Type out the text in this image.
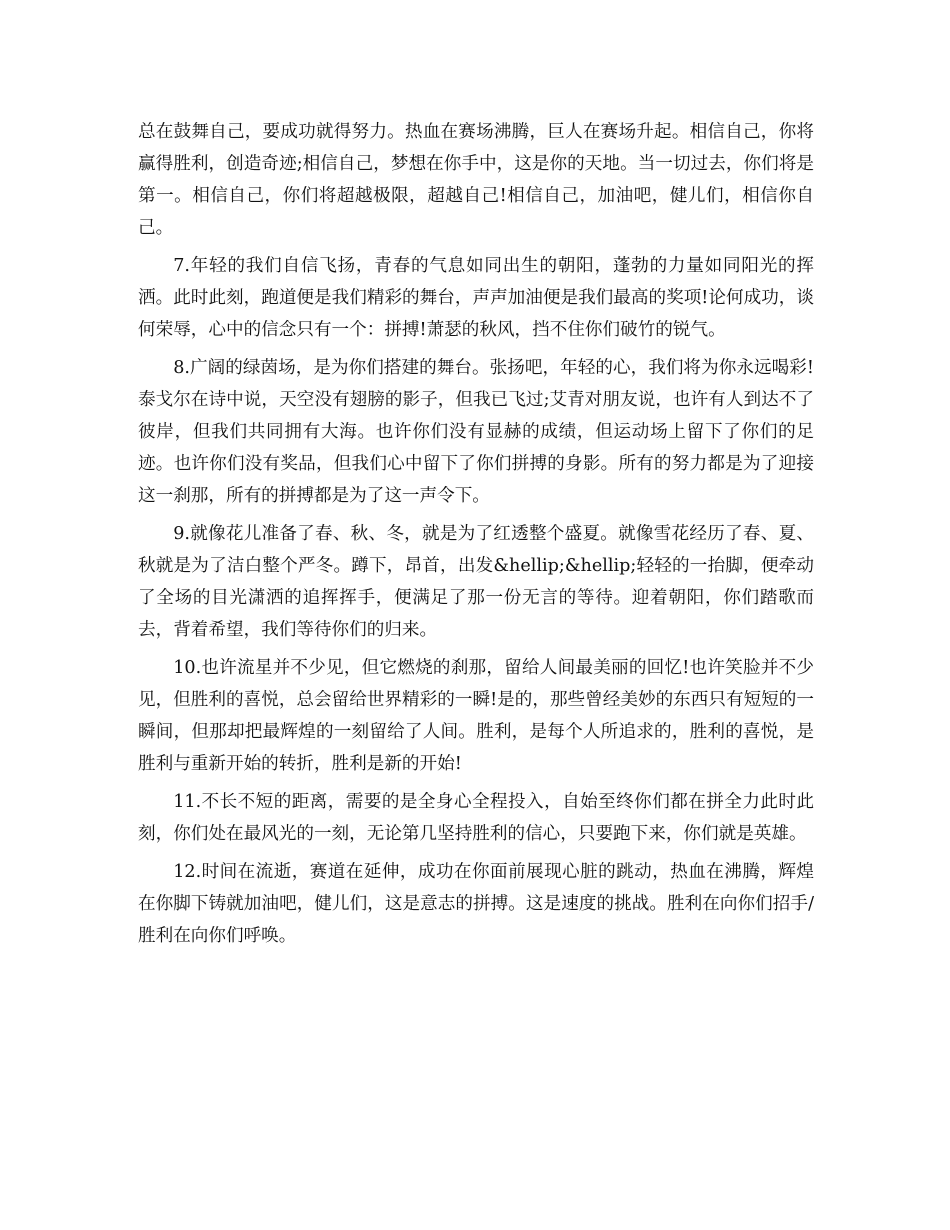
总在鼓舞自己，要成功就得努力。热血在赛场沸腾，巨人在赛场升起。相信自己，你将赢得胜利，创造奇迹;相信自己，梦想在你手中，这是你的天地。当一切过去，你们将是第一。相信自己，你们将超越极限，超越自己!相信自己，加油吧，健儿们，相信你自己。

7.年轻的我们自信飞扬，青春的气息如同出生的朝阳，蓬勃的力量如同阳光的挥洒。此时此刻，跑道便是我们精彩的舞台，声声加油便是我们最高的奖项!论何成功，谈何荣辱，心中的信念只有一个：拼搏!萧瑟的秋风，挡不住你们破竹的锐气。

8.广阔的绿茵场，是为你们搭建的舞台。张扬吧，年轻的心，我们将为你永远喝彩!泰戈尔在诗中说，天空没有翅膀的影子，但我已飞过;艾青对朋友说，也许有人到达不了彼岸，但我们共同拥有大海。也许你们没有显赫的成绩，但运动场上留下了你们的足迹。也许你们没有奖品，但我们心中留下了你们拼搏的身影。所有的努力都是为了迎接这一刹那，所有的拼搏都是为了这一声令下。

9.就像花儿准备了春、秋、冬，就是为了红透整个盛夏。就像雪花经历了春、夏、秋就是为了洁白整个严冬。蹲下，昂首，出发&hellip;&hellip;轻轻的一抬脚，便牵动了全场的目光潇洒的追挥挥手，便满足了那一份无言的等待。迎着朝阳，你们踏歌而去，背着希望，我们等待你们的归来。

10.也许流星并不少见，但它燃烧的刹那，留给人间最美丽的回忆!也许笑脸并不少见，但胜利的喜悦，总会留给世界精彩的一瞬!是的，那些曾经美妙的东西只有短短的一瞬间，但那却把最辉煌的一刻留给了人间。胜利，是每个人所追求的，胜利的喜悦，是胜利与重新开始的转折，胜利是新的开始!

11.不长不短的距离，需要的是全身心全程投入，自始至终你们都在拼全力此时此刻，你们处在最风光的一刻，无论第几坚持胜利的信心，只要跑下来，你们就是英雄。

12.时间在流逝，赛道在延伸，成功在你面前展现心脏的跳动，热血在沸腾，辉煌在你脚下铸就加油吧，健儿们，这是意志的拼搏。这是速度的挑战。胜利在向你们招手/胜利在向你们呼唤。
